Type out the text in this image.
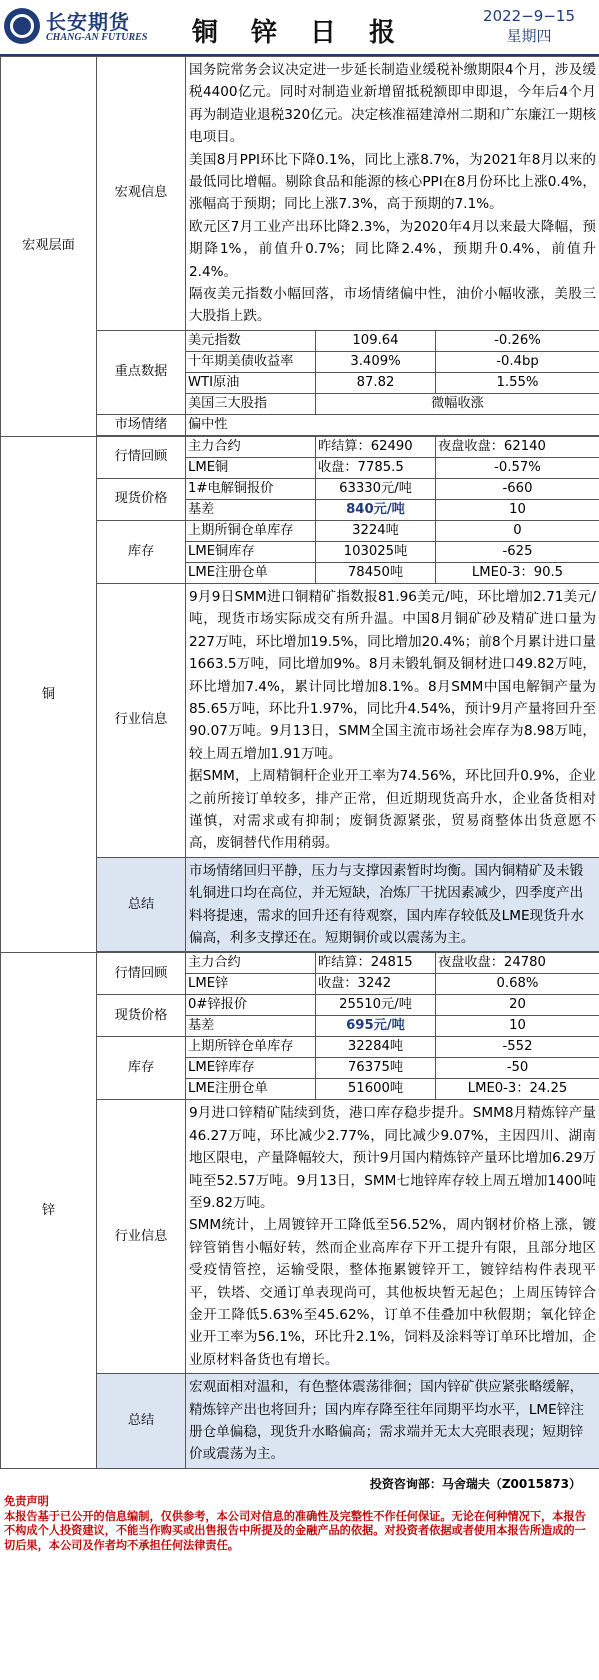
长安期货
CHANG-AN FUTURES	铜 锌 日 报
2022−9−15
星期四
宏观层面	宏观信息	国务院常务会议决定进一步延长制造业缓税补缴期限4个月，涉及缓税4400亿元。同时对制造业新增留抵税额即申即退，今年后4个月再为制造业退税320亿元。决定核准福建漳州二期和广东廉江一期核电项目。
美国8月PPI环比下降0.1%，同比上涨8.7%，为2021年8月以来的最低同比增幅。剔除食品和能源的核心PPI在8月份环比上涨0.4%，涨幅高于预期；同比上涨7.3%，高于预期的7.1%。
欧元区7月工业产出环比降2.3%，为2020年4月以来最大降幅，预期降1%，前值升0.7%；同比降2.4%，预期升0.4%，前值升2.4%。
隔夜美元指数小幅回落，市场情绪偏中性，油价小幅收涨，美股三大股指上跌。		

	重点数据	美元指数	109.64	-0.26%
		十年期美债收益率	3.409%	-0.4bp
		WTI原油	87.82	1.55%
		美国三大股指	微幅收涨	
	市场情绪	偏中性		

铜	行情回顾	主力合约	昨结算：62490	夜盘收盘：62140
		LME铜	收盘：7785.5	-0.57%
	现货价格	1#电解铜报价	63330元/吨	-660
		基差	840元/吨	10
	库存	上期所铜仓单库存	3224吨	0
		LME铜库存	103025吨	-625
		LME注册仓单	78450吨	LME0-3：90.5
	行业信息	9月9日SMM进口铜精矿指数报81.96美元/吨，环比增加2.71美元/吨，现货市场实际成交有所升温。中国8月铜矿砂及精矿进口量为227万吨，环比增加19.5%，同比增加20.4%；前8个月累计进口量1663.5万吨，同比增加9%。8月未锻轧铜及铜材进口49.82万吨，环比增加7.4%，累计同比增加8.1%。8月SMM中国电解铜产量为85.65万吨，环比升1.97%，同比升4.54%，预计9月产量将回升至90.07万吨。9月13日，SMM全国主流市场社会库存为8.98万吨，较上周五增加1.91万吨。
据SMM，上周精铜杆企业开工率为74.56%，环比回升0.9%，企业之前所接订单较多，排产正常，但近期现货高升水，企业备货相对谨慎，对需求或有抑制；废铜货源紧张，贸易商整体出货意愿不高，废铜替代作用稍弱。		

	总结	市场情绪回归平静，压力与支撑因素暂时均衡。国内铜精矿及未锻轧铜进口均在高位，并无短缺，冶炼厂干扰因素减少，四季度产出料将提速，需求的回升还有待观察，国内库存较低及LME现货升水偏高，利多支撑还在。短期铜价或以震荡为主。		

锌	行情回顾	主力合约	昨结算：24815	夜盘收盘：24780
		LME锌	收盘：3242	0.68%
	现货价格	0#锌报价	25510元/吨	20
		基差	695元/吨	10
	库存	上期所锌仓单库存	32284吨	-552
		LME锌库存	76375吨	-50
		LME注册仓单	51600吨	LME0-3：24.25
	行业信息	9月进口锌精矿陆续到货，港口库存稳步提升。SMM8月精炼锌产量46.27万吨，环比减少2.77%，同比减少9.07%，主因四川、湖南地区限电，产量降幅较大，预计9月国内精炼锌产量环比增加6.29万吨至52.57万吨。9月13日，SMM七地锌库存较上周五增加1400吨至9.82万吨。
SMM统计，上周镀锌开工降低至56.52%，周内钢材价格上涨，镀锌管销售小幅好转，然而企业高库存下开工提升有限，且部分地区受疫情管控，运输受限，整体拖累镀锌开工，镀锌结构件表现平平，铁塔、交通订单表现尚可，其他板块暂无起色；上周压铸锌合金开工降低5.63%至45.62%，订单不佳叠加中秋假期；氧化锌企业开工率为56.1%，环比升2.1%，饲料及涂料等订单环比增加，企业原材料备货也有增长。		

	总结	宏观面相对温和，有色整体震荡徘徊；国内锌矿供应紧张略缓解，精炼锌产出也将回升；国内库存降至往年同期平均水平，LME锌注册仓单偏稳，现货升水略偏高；需求端并无太大亮眼表现；短期锌价或震荡为主。		

投资咨询部：马舍瑞夫（Z0015873）
免责声明
本报告基于已公开的信息编制，仅供参考，本公司对信息的准确性及完整性不作任何保证。无论在何种情况下，本报告不构成个人投资建议，不能当作购买或出售报告中所提及的金融产品的依据。对投资者依据或者使用本报告所造成的一切后果，本公司及作者均不承担任何法律责任。
